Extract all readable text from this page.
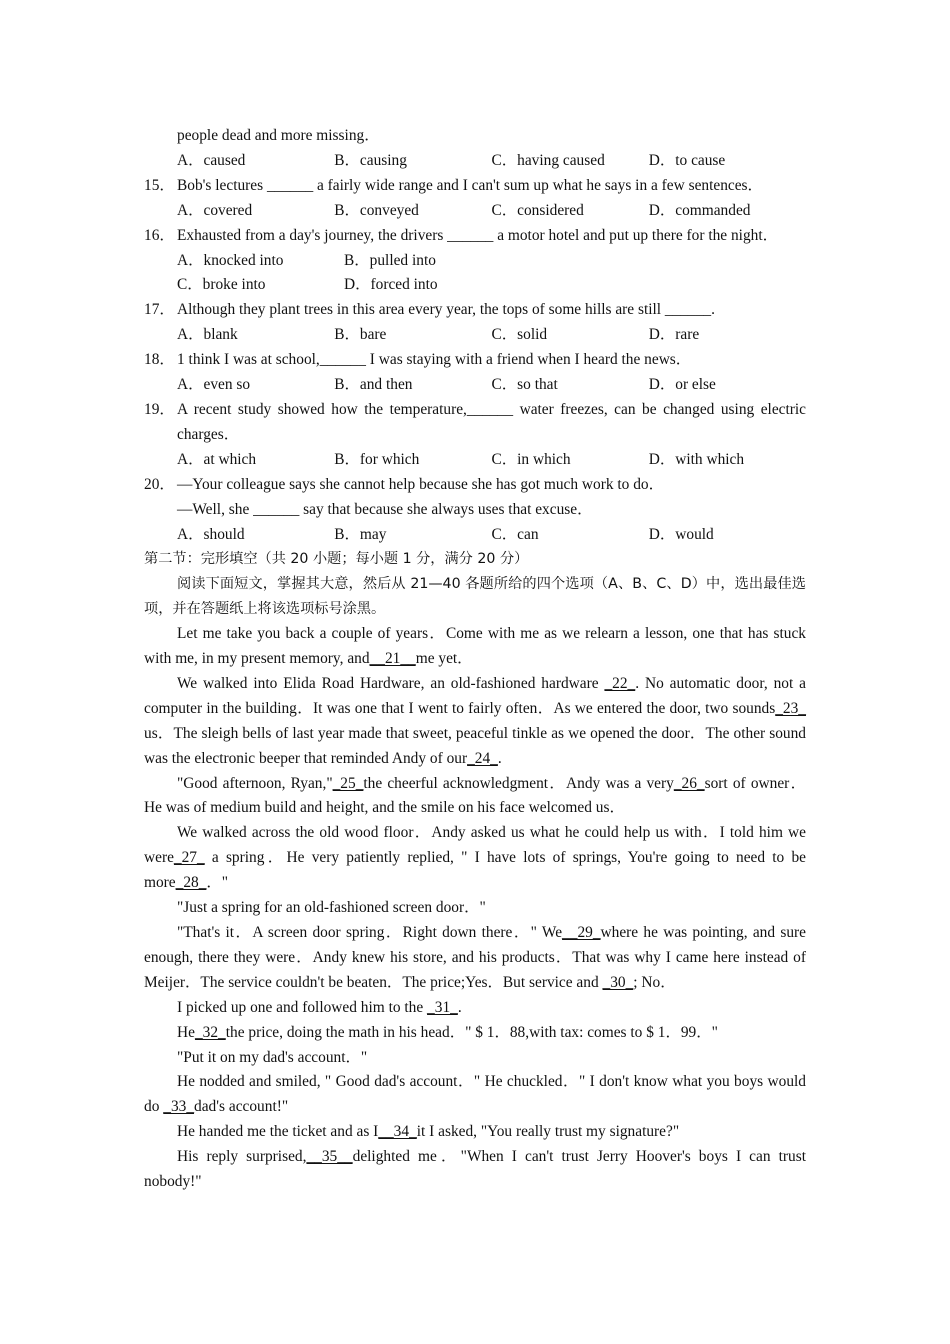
people dead and more missing．
A．caused	B．causing	C．having caused	D．to cause
15． Bob's lectures ______ a fairly wide range and I can't sum up what he says in a few sentences．
A．covered	B．conveyed	C．considered	D．commanded
16． Exhausted from a day's journey, the drivers ______ a motor hotel and put up there for the night．
A．knocked into	B．pulled into
C．broke into	D．forced into
17． Although they plant trees in this area every year, the tops of some hills are still ______.
A．blank	B．bare	C．solid	D．rare
18． 1 think I was at school,______ I was staying with a friend when I heard the news．
A．even so	B．and then	C．so that	D．or else
19． A recent study showed how the temperature,______ water freezes, can be changed using electric charges．
A．at which	B．for which	C．in which	D．with which
20． —Your colleague says she cannot help because she has got much work to do．
—Well, she ______ say that because she always uses that excuse．
A．should	B．may	C．can	D．would
第二节：完形填空（共 20 小题；每小题 1 分，满分 20 分）
阅读下面短文，掌握其大意，然后从 21—40 各题所给的四个选项（A、B、C、D）中，选出最佳选项，并在答题纸上将该选项标号涂黑。
Let me take you back a couple of years．Come with me as we relearn a lesson, one that has stuck with me, in my present memory, and__21__me yet．
We walked into Elida Road Hardware, an old-fashioned hardware _22_. No automatic door, not a computer in the building．It was one that I went to fairly often．As we entered the door, two sounds_23_ us．The sleigh bells of last year made that sweet, peaceful tinkle as we opened the door．The other sound was the electronic beeper that reminded Andy of our_24_.
"Good afternoon, Ryan,"_25_the cheerful acknowledgment．Andy was a very_26_sort of owner．He was of medium build and height, and the smile on his face welcomed us．
We walked across the old wood floor．Andy asked us what he could help us with．I told him we were_27_ a spring．He very patiently replied, " I have lots of springs, You're going to need to be more_28_．"
"Just a spring for an old-fashioned screen door．"
"That's it．A screen door spring．Right down there．" We__29_where he was pointing, and sure enough, there they were．Andy knew his store, and his products．That was why I came here instead of Meijer．The service couldn't be beaten．The price;Yes．But service and _30_; No．
I picked up one and followed him to the _31_.
He_32_the price, doing the math in his head．" $ 1．88,with tax: comes to $ 1．99．"
"Put it on my dad's account．"
He nodded and smiled, " Good dad's account．" He chuckled．" I don't know what you boys would do _33_dad's account!"
He handed me the ticket and as I__34_it I asked, "You really trust my signature?"
His reply surprised,__35__delighted me．"When I can't trust Jerry Hoover's boys I can trust nobody!"
